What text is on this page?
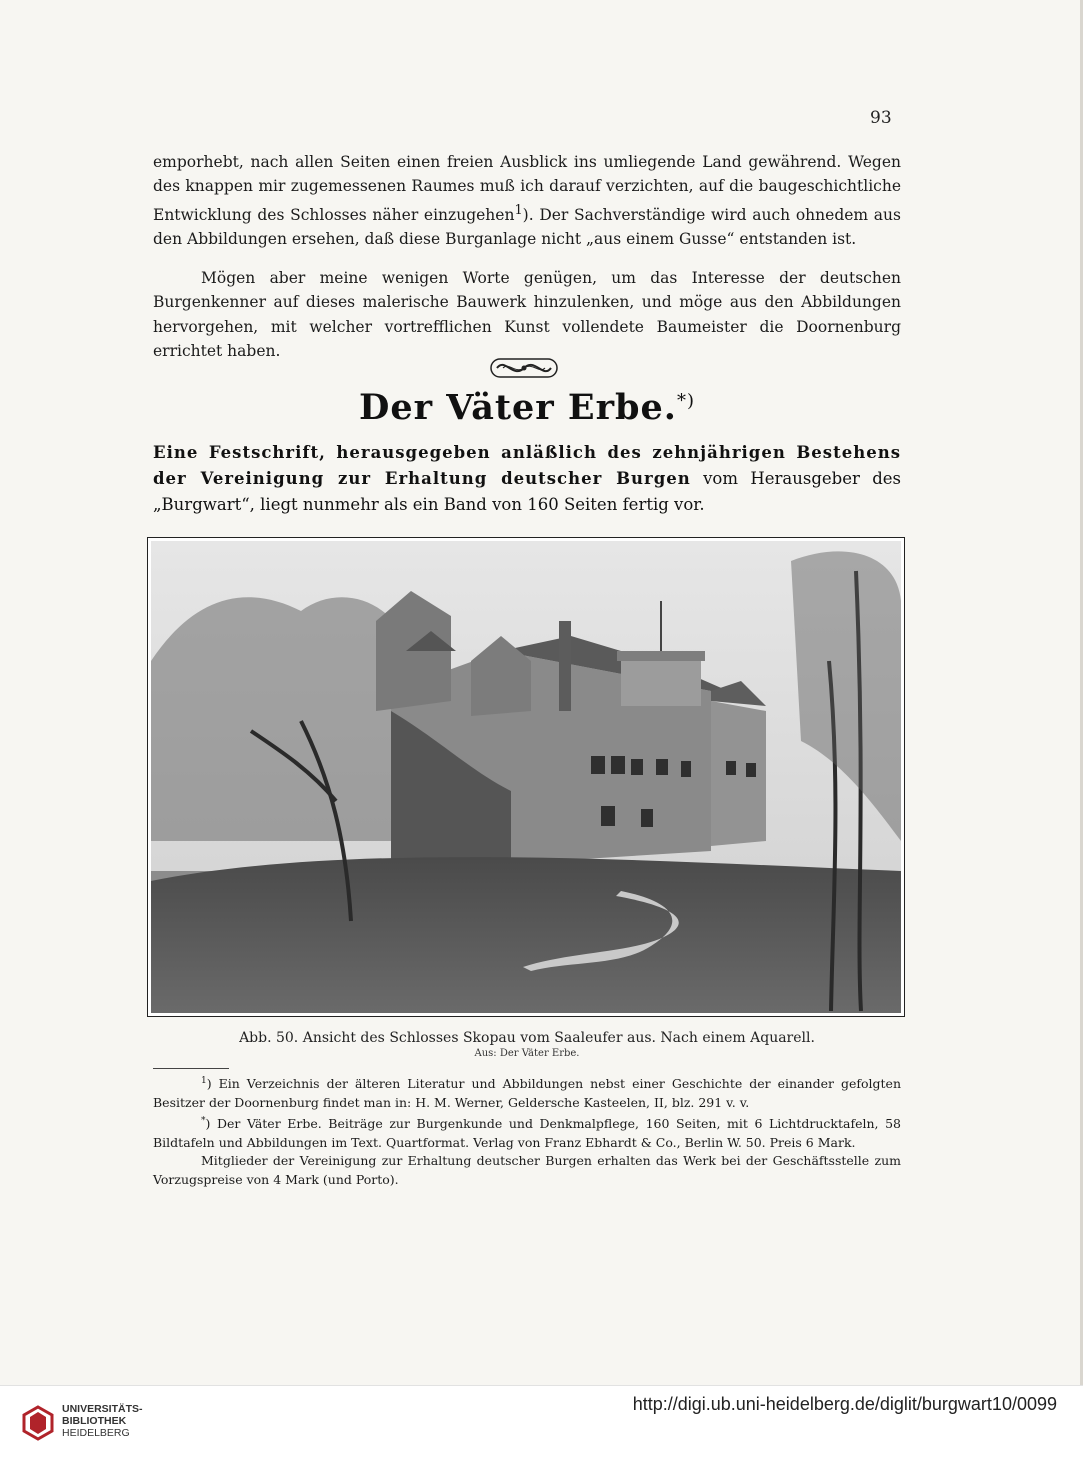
93

emporhebt, nach allen Seiten einen freien Ausblick ins umliegende Land gewährend. Wegen des knappen mir zugemessenen Raumes muß ich darauf verzichten, auf die baugeschichtliche Entwicklung des Schlosses näher einzugehen$^1$). Der Sachverständige wird auch ohnedem aus den Abbildungen ersehen, daß diese Burganlage nicht „aus einem Gusse“ entstanden ist.

Mögen aber meine wenigen Worte genügen, um das Interesse der deutschen Burgenkenner auf dieses malerische Bauwerk hinzulenken, und möge aus den Abbildungen hervorgehen, mit welcher vortrefflichen Kunst vollendete Baumeister die Doornenburg errichtet haben.

Der Väter Erbe.*)
Eine Festschrift, herausgegeben anläßlich des zehnjährigen Bestehens der Vereinigung zur Erhaltung deutscher Burgen vom Herausgeber des „Burgwart“, liegt nunmehr als ein Band von 160 Seiten fertig vor.
Abb. 50. Ansicht des Schlosses Skopau vom Saaleufer aus. Nach einem Aquarell.
Aus: Der Väter Erbe.

$^1$) Ein Verzeichnis der älteren Literatur und Abbildungen nebst einer Geschichte der einander gefolgten Besitzer der Doornenburg findet man in: H. M. Werner, Geldersche Kasteelen, II, blz. 291 v. v.

*) Der Väter Erbe. Beiträge zur Burgenkunde und Denkmalpflege, 160 Seiten, mit 6 Lichtdrucktafeln, 58 Bildtafeln und Abbildungen im Text. Quartformat. Verlag von Franz Ebhardt & Co., Berlin W. 50. Preis 6 Mark.

Mitglieder der Vereinigung zur Erhaltung deutscher Burgen erhalten das Werk bei der Geschäftsstelle zum Vorzugspreise von 4 Mark (und Porto).

UNIVERSITÄTS-
BIBLIOTHEK
HEIDELBERG
http://digi.ub.uni-heidelberg.de/diglit/burgwart10/0099
